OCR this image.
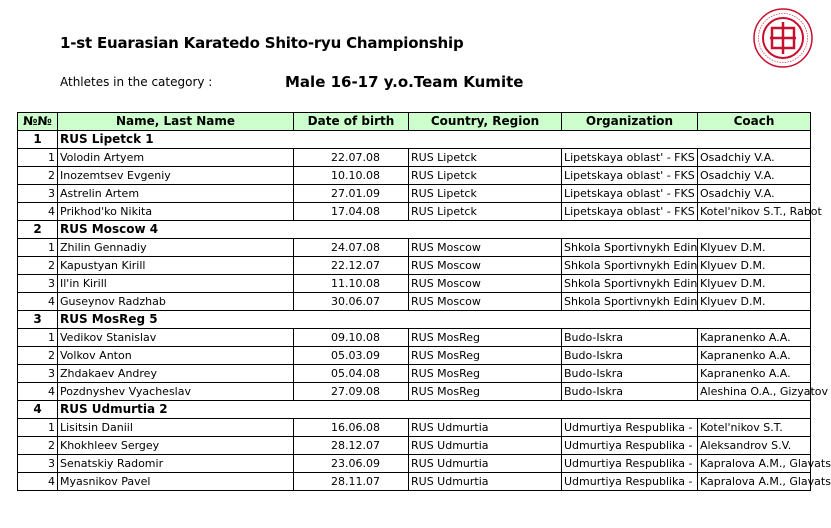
1-st Euarasian Karatedo Shito-ryu Championship
Athletes in the category :	Male 16-17 y.o.Team Kumite
№№	Name, Last Name	Date of birth	Country, Region	Organization	Coach
1	RUS Lipetck 1				
1	Volodin Artyem	22.07.08	RUS Lipetck	Lipetskaya oblast' - FKS	Osadchiy V.A.
2	Inozemtsev Evgeniy	10.10.08	RUS Lipetck	Lipetskaya oblast' - FKS	Osadchiy V.A.
3	Astrelin Artem	27.01.09	RUS Lipetck	Lipetskaya oblast' - FKS	Osadchiy V.A.
4	Prikhod'ko Nikita	17.04.08	RUS Lipetck	Lipetskaya oblast' - FKS	Kotel'nikov S.T., Rabot
2	RUS Moscow 4				
1	Zhilin Gennadiy	24.07.08	RUS Moscow	Shkola Sportivnykh Edin	Klyuev D.M.
2	Kapustyan Kirill	22.12.07	RUS Moscow	Shkola Sportivnykh Edin	Klyuev D.M.
3	Il'in Kirill	11.10.08	RUS Moscow	Shkola Sportivnykh Edin	Klyuev D.M.
4	Guseynov Radzhab	30.06.07	RUS Moscow	Shkola Sportivnykh Edin	Klyuev D.M.
3	RUS MosReg 5				
1	Vedikov Stanislav	09.10.08	RUS MosReg	Budo-Iskra	Kapranenko A.A.
2	Volkov Anton	05.03.09	RUS MosReg	Budo-Iskra	Kapranenko A.A.
3	Zhdakaev Andrey	05.04.08	RUS MosReg	Budo-Iskra	Kapranenko A.A.
4	Pozdnyshev Vyacheslav	27.09.08	RUS MosReg	Budo-Iskra	Aleshina O.A., Gizyatov
4	RUS Udmurtia 2				
1	Lisitsin Daniil	16.06.08	RUS Udmurtia	Udmurtiya Respublika -	Kotel'nikov S.T.
2	Khokhleev Sergey	28.12.07	RUS Udmurtia	Udmurtiya Respublika -	Aleksandrov S.V.
3	Senatskiy Radomir	23.06.09	RUS Udmurtia	Udmurtiya Respublika -	Kapralova A.M., Glavats
4	Myasnikov Pavel	28.11.07	RUS Udmurtia	Udmurtiya Respublika -	Kapralova A.M., Glavats
